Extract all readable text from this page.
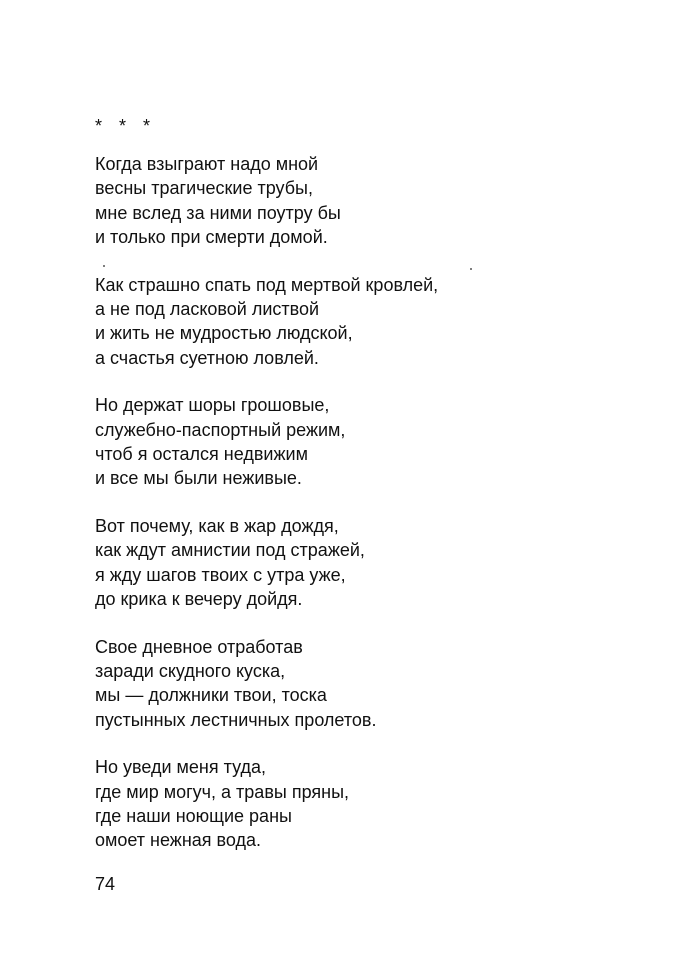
* * *
Когда взыграют надо мной
весны трагические трубы,
мне вслед за ними поутру бы
и только при смерти домой.
Как страшно спать под мертвой кровлей,
а не под ласковой листвой
и жить не мудростью людской,
а счастья суетною ловлей.
Но держат шоры грошовые,
служебно-паспортный режим,
чтоб я остался недвижим
и все мы были неживые.
Вот почему, как в жар дождя,
как ждут амнистии под стражей,
я жду шагов твоих с утра уже,
до крика к вечеру дойдя.
Свое дневное отработав
заради скудного куска,
мы — должники твои, тоска
пустынных лестничных пролетов.
Но уведи меня туда,
где мир могуч, а травы пряны,
где наши ноющие раны
омоет нежная вода.
74
